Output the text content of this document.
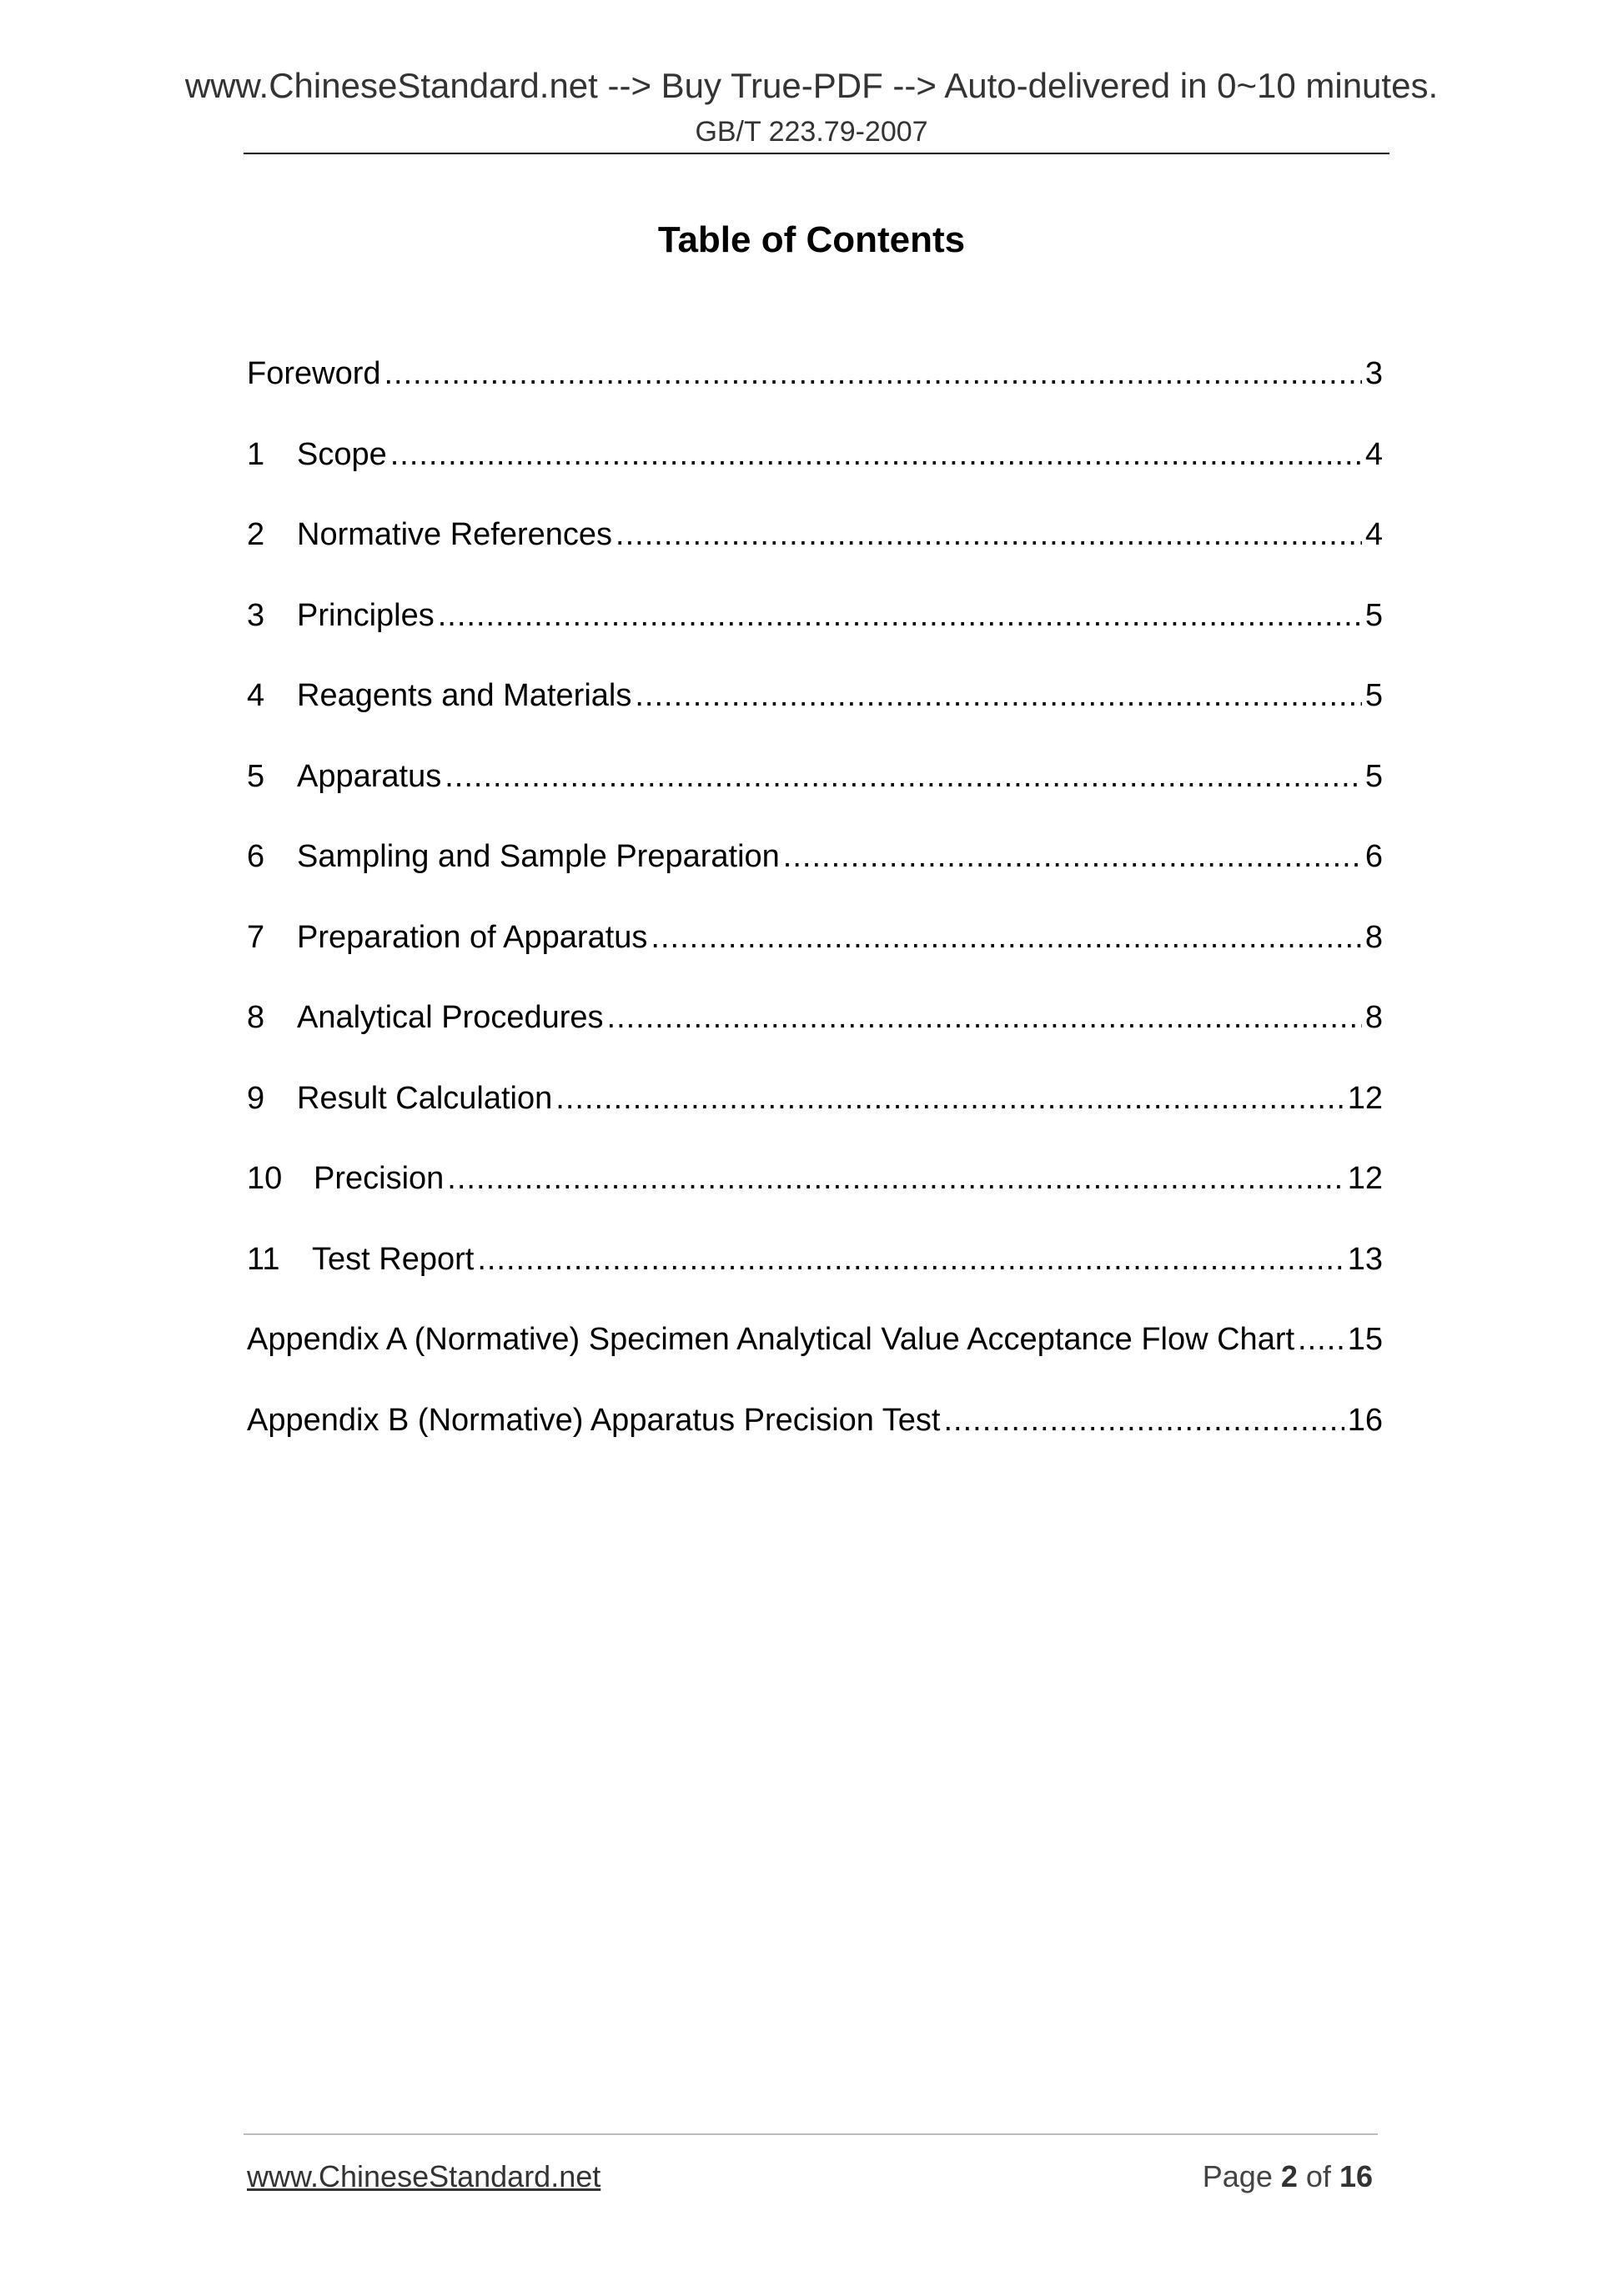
www.ChineseStandard.net --> Buy True-PDF --> Auto-delivered in 0~10 minutes.
GB/T 223.79-2007
Table of Contents
Foreword .....	3
1	Scope .....	4
2	Normative References .....	4
3	Principles .....	5
4	Reagents and Materials .....	5
5	Apparatus .....	5
6	Sampling and Sample Preparation .....	6
7	Preparation of Apparatus .....	8
8	Analytical Procedures .....	8
9	Result Calculation .....	12
10 Precision .....	12
11	Test Report .....	13
Appendix A (Normative) Specimen Analytical Value Acceptance Flow Chart ..... 15
Appendix B (Normative) Apparatus Precision Test .....	16
www.ChineseStandard.net	Page 2 of 16
